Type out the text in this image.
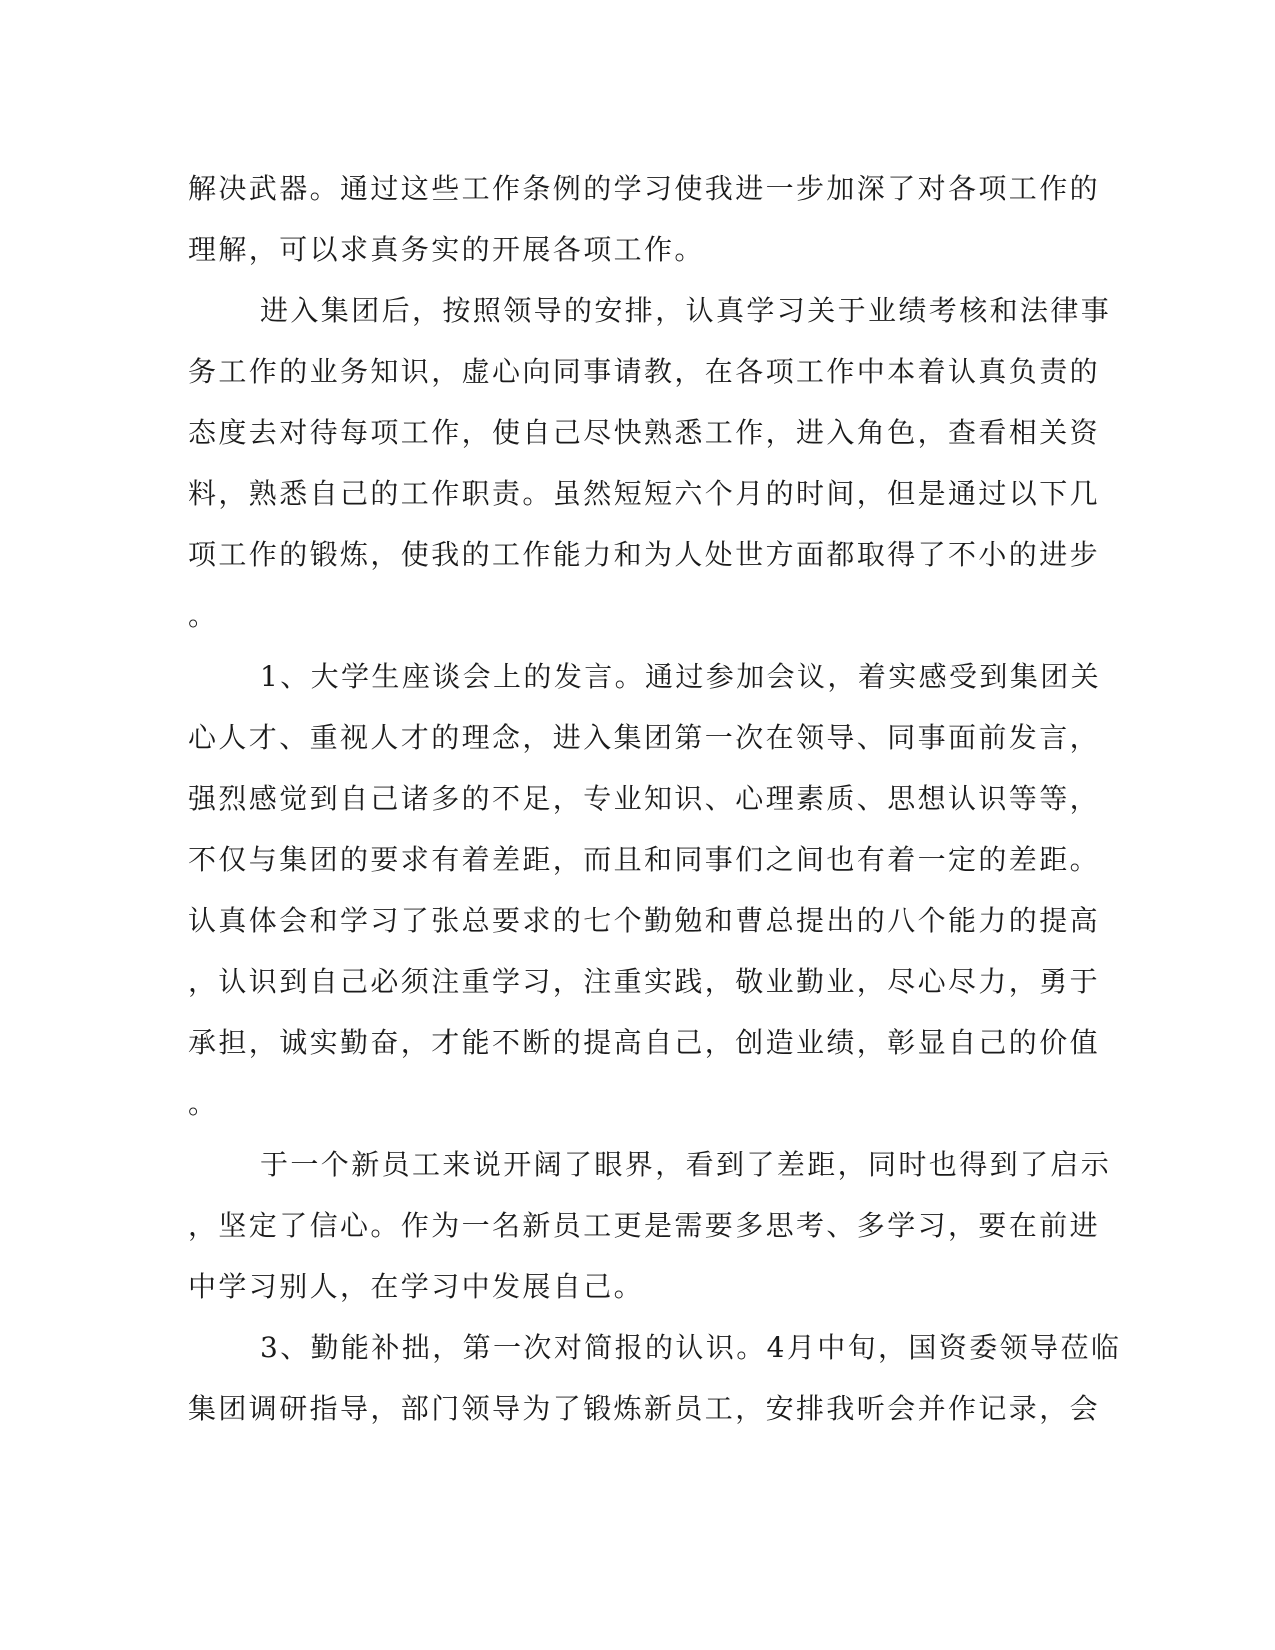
解决武器。通过这些工作条例的学习使我进一步加深了对各项工作的
理解，可以求真务实的开展各项工作。
进入集团后，按照领导的安排，认真学习关于业绩考核和法律事
务工作的业务知识，虚心向同事请教，在各项工作中本着认真负责的
态度去对待每项工作，使自己尽快熟悉工作，进入角色，查看相关资
料，熟悉自己的工作职责。虽然短短六个月的时间，但是通过以下几
项工作的锻炼，使我的工作能力和为人处世方面都取得了不小的进步
。
1、大学生座谈会上的发言。通过参加会议，着实感受到集团关
心人才、重视人才的理念，进入集团第一次在领导、同事面前发言，
强烈感觉到自己诸多的不足，专业知识、心理素质、思想认识等等，
不仅与集团的要求有着差距，而且和同事们之间也有着一定的差距。
认真体会和学习了张总要求的七个勤勉和曹总提出的八个能力的提高
，认识到自己必须注重学习，注重实践，敬业勤业，尽心尽力，勇于
承担，诚实勤奋，才能不断的提高自己，创造业绩，彰显自己的价值
。
于一个新员工来说开阔了眼界，看到了差距，同时也得到了启示
，坚定了信心。作为一名新员工更是需要多思考、多学习，要在前进
中学习别人，在学习中发展自己。
3、勤能补拙，第一次对简报的认识。4月中旬，国资委领导莅临
集团调研指导，部门领导为了锻炼新员工，安排我听会并作记录，会
